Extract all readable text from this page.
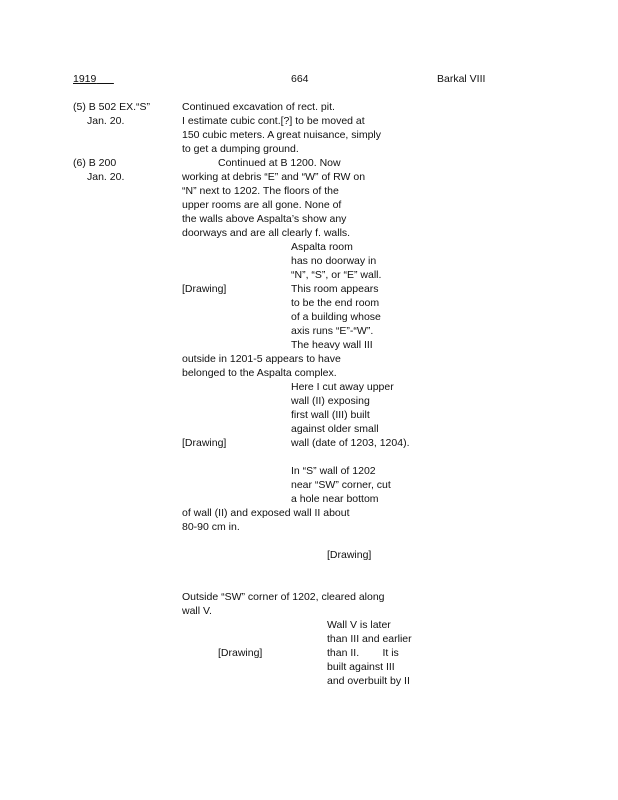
1919	664	Barkal VIII
(5) B 502 EX.“S”
Jan. 20.
Continued excavation of rect. pit.
I estimate cubic cont.[?] to be moved at
150 cubic meters. A great nuisance, simply
to get a dumping ground.
(6) B 200
Jan. 20.
Continued at B 1200. Now
working at debris “E” and “W” of RW on
“N” next to 1202. The floors of the
upper rooms are all gone. None of
the walls above Aspalta’s show any
doorways and are all clearly f. walls.
Aspalta room
has no doorway in
“N”, “S”, or “E” wall.
[Drawing]	This room appears
to be the end room
of a building whose
axis runs “E”-“W”.
The heavy wall III
outside in 1201-5 appears to have
belonged to the Aspalta complex.
Here I cut away upper
wall (II) exposing
first wall (III) built
against older small
[Drawing]	wall (date of 1203, 1204).
In “S” wall of 1202
near “SW” corner, cut
a hole near bottom
of wall (II) and exposed wall II about
80-90 cm in.
[Drawing]
Outside “SW” corner of 1202, cleared along
wall V.
Wall V is later
than III and earlier
[Drawing]	than II.        It is
built against III
and overbuilt by II
